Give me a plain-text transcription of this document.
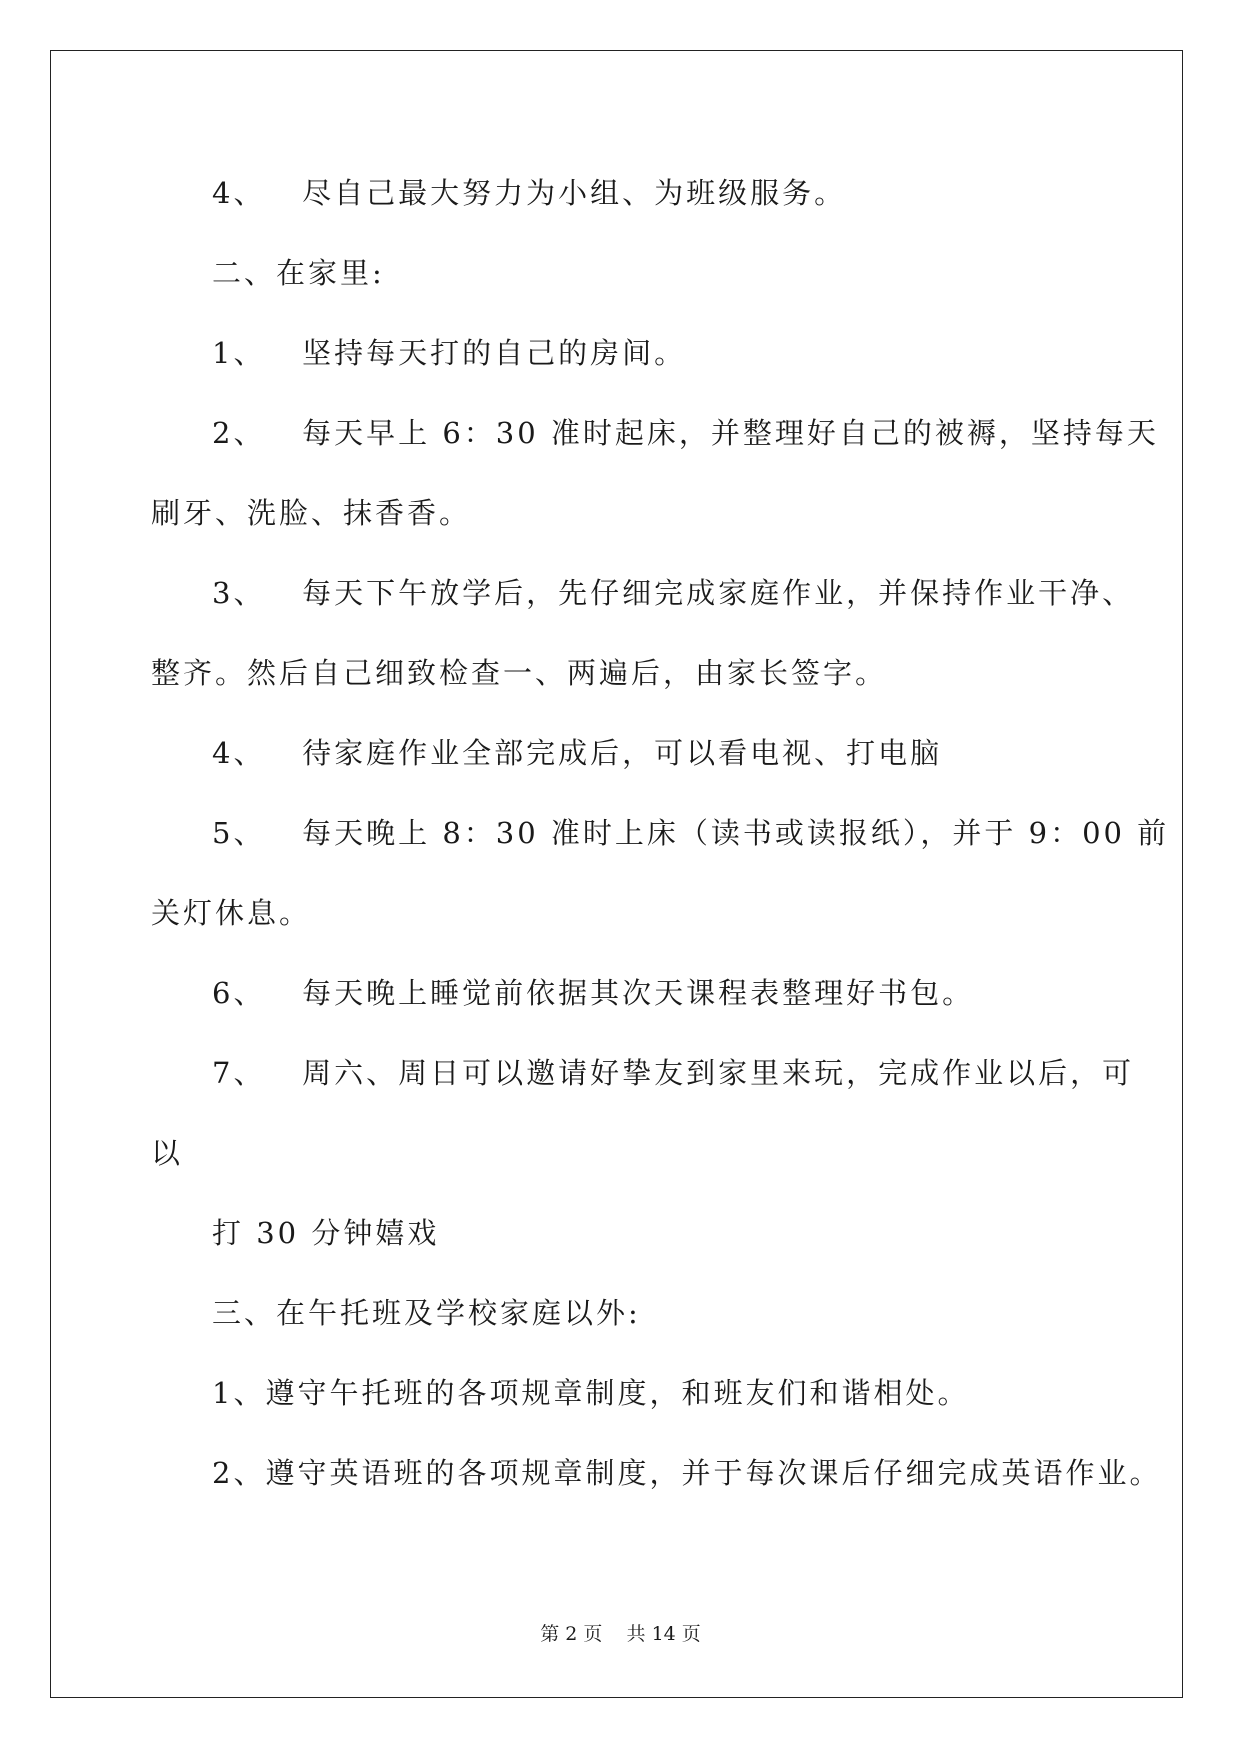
4、   尽自己最大努力为小组、为班级服务。
二、在家里:
1、   坚持每天打的自己的房间。
2、   每天早上 6：30 准时起床，并整理好自己的被褥，坚持每天
刷牙、洗脸、抹香香。
3、   每天下午放学后，先仔细完成家庭作业，并保持作业干净、
整齐。然后自己细致检查一、两遍后，由家长签字。
4、   待家庭作业全部完成后，可以看电视、打电脑
5、   每天晚上 8：30 准时上床（读书或读报纸），并于 9：00 前
关灯休息。
6、   每天晚上睡觉前依据其次天课程表整理好书包。
7、   周六、周日可以邀请好挚友到家里来玩，完成作业以后，可
以
打 30 分钟嬉戏
三、在午托班及学校家庭以外:
1、遵守午托班的各项规章制度，和班友们和谐相处。
2、遵守英语班的各项规章制度，并于每次课后仔细完成英语作业。
第 2 页    共 14 页
